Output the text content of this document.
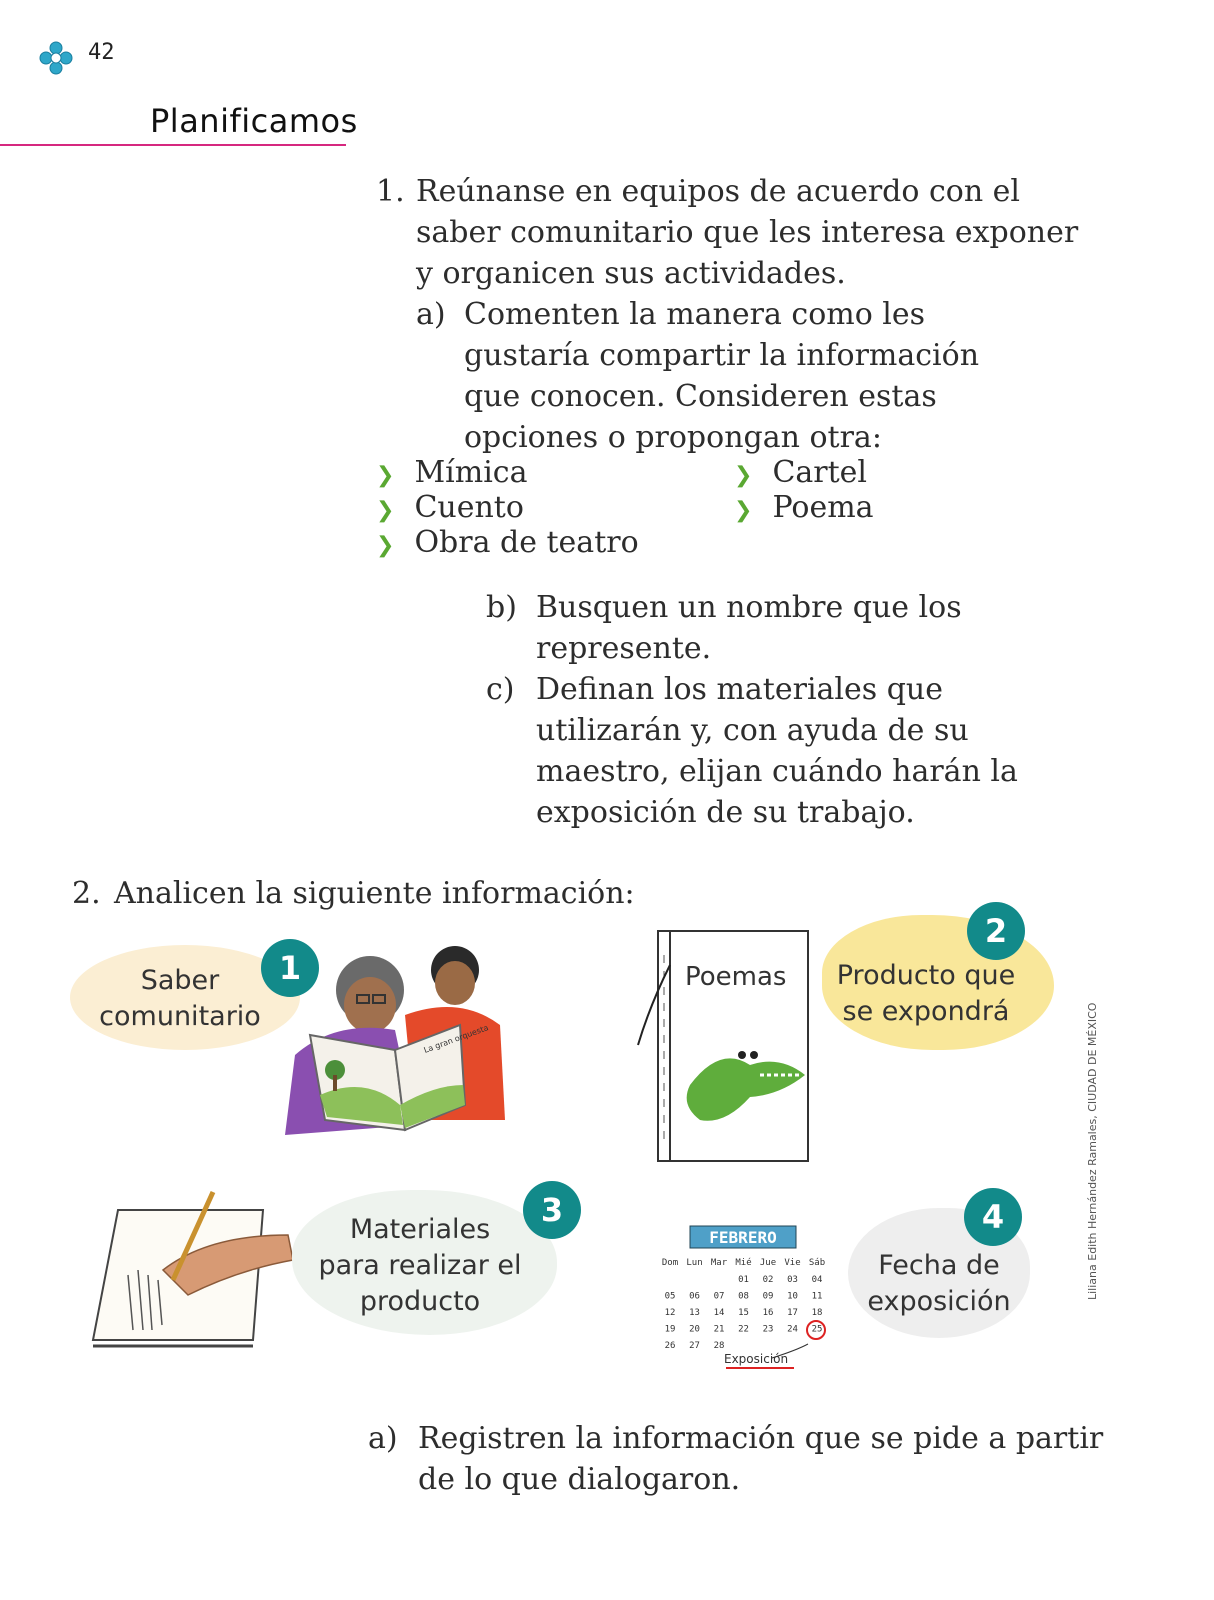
42
Planificamos
1. Reúnanse en equipos de acuerdo con el
saber comunitario que les interesa exponer
y organicen sus actividades.
a) Comenten la manera como les
gustaría compartir la información
que conocen. Consideren estas
opciones o propongan otra:
❯ Mímica
❯ Cuento
❯ Obra de teatro
❯ Cartel
❯ Poema
b) Busquen un nombre que los
represente.
c) Definan los materiales que
utilizarán y, con ayuda de su
maestro, elijan cuándo harán la
exposición de su trabajo.
2. Analicen la siguiente información:
Saber
comunitario
1
La gran orquesta
Poemas	Producto que
se expondrá
2
Materiales
para realizar el
producto
3
FEBRERO
Dom Lun Mar Mié Jue Vie Sáb
01 02 03 04
05 06 07 08 09 10 11
12 13 14 15 16 17 18
19 20 21 22 23 24 25
26 27 28
Exposición
Fecha de
exposición
4	Liliana Edith Hernández Ramales, CIUDAD DE MÉXICO
a) Registren la información que se pide a partir
de lo que dialogaron.
